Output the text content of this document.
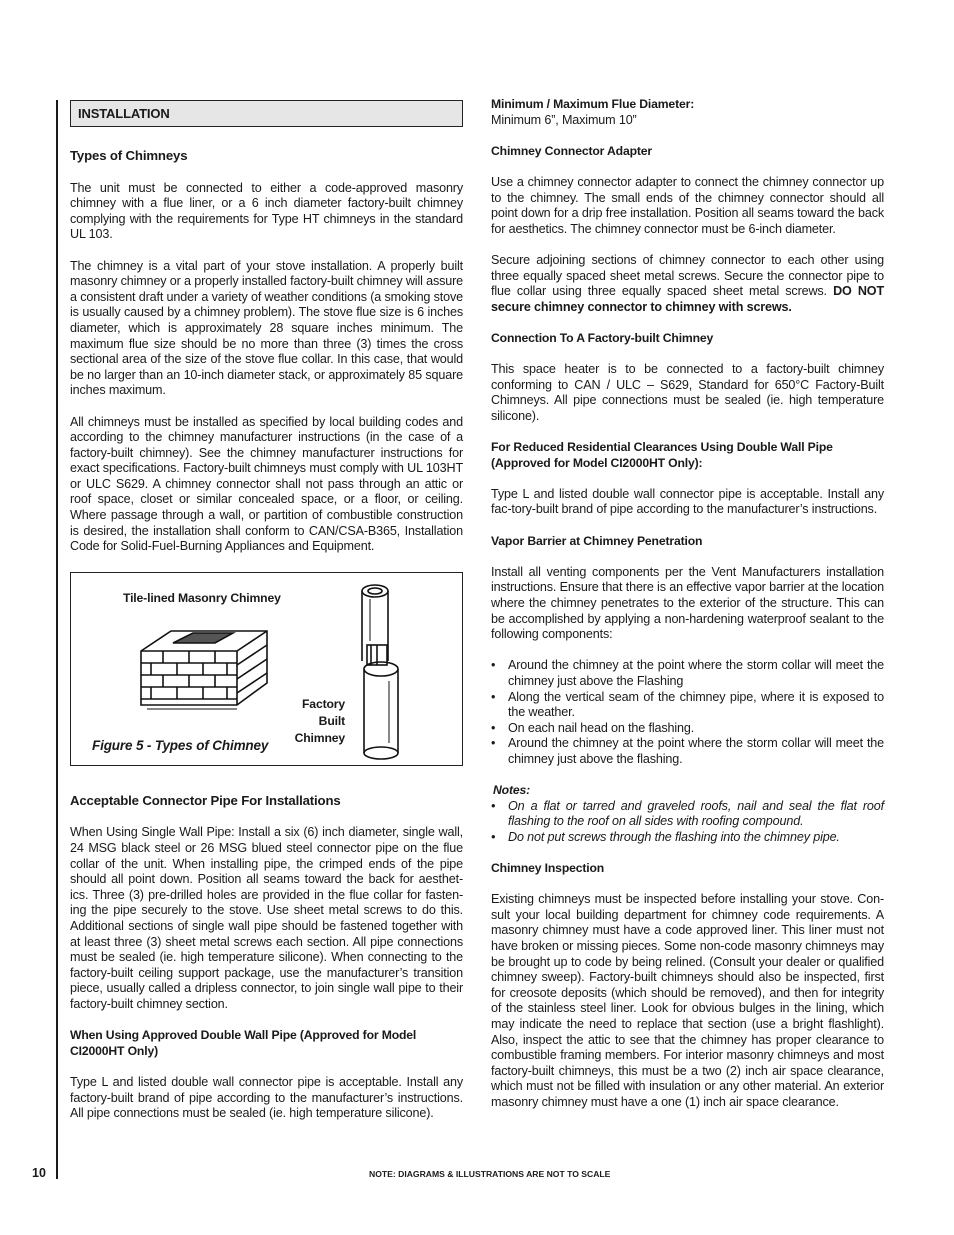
INSTALLATION

Types of Chimneys

The unit must be connected to either a code-approved masonry chimney with a flue liner, or a 6 inch diameter factory-built chimney complying with the requirements for Type HT chimneys in the standard UL 103.

The chimney is a vital part of your stove installation. A properly built masonry chimney or a properly installed factory-built chimney will assure a consistent draft under a variety of weather conditions (a smoking stove is usually caused by a chimney problem). The stove flue size is 6 inches diameter, which is approximately 28 square inches minimum. The maximum flue size should be no more than three (3) times the cross sectional area of the size of the stove flue collar. In this case, that would be no larger than an 10-inch diameter stack, or approximately 85 square inches maximum.

All chimneys must be installed as specified by local building codes and according to the chimney manufacturer instructions (in the case of a factory-built chimney). See the chimney manufacturer instructions for exact specifications. Factory-built chimneys must comply with UL 103HT or ULC S629. A chimney connector shall not pass through an attic or roof space, closet or similar concealed space, or a floor, or ceiling. Where passage through a wall, or partition of combustible construction is desired, the installation shall conform to CAN/CSA-B365, Installation Code for Solid-Fuel-Burning Appliances and Equipment.

Tile-lined Masonry Chimney
Factory
Built
Chimney
Figure 5 - Types of Chimney

Acceptable Connector Pipe For Installations

When Using Single Wall Pipe: Install a six (6) inch diameter, single wall, 24 MSG black steel or 26 MSG blued steel connector pipe on the flue collar of the unit. When installing pipe, the crimped ends of the pipe should all point down. Position all seams toward the back for aesthet-ics. Three (3) pre-drilled holes are provided in the flue collar for fasten-ing the pipe securely to the stove. Use sheet metal screws to do this. Additional sections of single wall pipe should be fastened together with at least three (3) sheet metal screws each section. All pipe connections must be sealed (ie. high temperature silicone). When connecting to the factory-built ceiling support package, use the manufacturer’s transition piece, usually called a dripless connector, to join single wall pipe to their factory-built chimney section.

When Using Approved Double Wall Pipe (Approved for Model CI2000HT Only)

Type L and listed double wall connector pipe is acceptable. Install any factory-built brand of pipe according to the manufacturer’s instructions. All pipe connections must be sealed (ie. high temperature silicone).

Minimum / Maximum Flue Diameter:

Minimum 6”, Maximum 10”

Chimney Connector Adapter

Use a chimney connector adapter to connect the chimney connector up to the chimney. The small ends of the chimney connector should all point down for a drip free installation. Position all seams toward the back for aesthetics. The chimney connector must be 6-inch diameter.

Secure adjoining sections of chimney connector to each other using three equally spaced sheet metal screws. Secure the connector pipe to flue collar using three equally spaced sheet metal screws. DO NOT secure chimney connector to chimney with screws.

Connection To A Factory-built Chimney

This space heater is to be connected to a factory-built chimney conforming to CAN / ULC – S629, Standard for 650°C Factory-Built Chimneys. All pipe connections must be sealed (ie. high temperature silicone).

For Reduced Residential Clearances Using Double Wall Pipe (Approved for Model CI2000HT Only):

Type L and listed double wall connector pipe is acceptable. Install any fac-tory-built brand of pipe according to the manufacturer’s instructions.

Vapor Barrier at Chimney Penetration

Install all venting components per the Vent Manufacturers installation instructions. Ensure that there is an effective vapor barrier at the location where the chimney penetrates to the exterior of the structure. This can be accomplished by applying a non-hardening waterproof sealant to the following components:

• Around the chimney at the point where the storm collar will meet the chimney just above the Flashing
• Along the vertical seam of the chimney pipe, where it is exposed to the weather.
• On each nail head on the flashing.
• Around the chimney at the point where the storm collar will meet the chimney just above the flashing.

Notes:

• On a flat or tarred and graveled roofs, nail and seal the flat roof flashing to the roof on all sides with roofing compound.
• Do not put screws through the flashing into the chimney pipe.

Chimney Inspection

Existing chimneys must be inspected before installing your stove. Con-sult your local building department for chimney code requirements. A masonry chimney must have a code approved liner. This liner must not have broken or missing pieces. Some non-code masonry chimneys may be brought up to code by being relined. (Consult your dealer or qualified chimney sweep). Factory-built chimneys should also be inspected, first for creosote deposits (which should be removed), and then for integrity of the stainless steel liner. Look for obvious bulges in the lining, which may indicate the need to replace that section (use a bright flashlight). Also, inspect the attic to see that the chimney has proper clearance to combustible framing members. For interior masonry chimneys and most factory-built chimneys, this must be a two (2) inch air space clearance, which must not be filled with insulation or any other material. An exterior masonry chimney must have a one (1) inch air space clearance.

10	NOTE: DIAGRAMS & ILLUSTRATIONS ARE NOT TO SCALE
